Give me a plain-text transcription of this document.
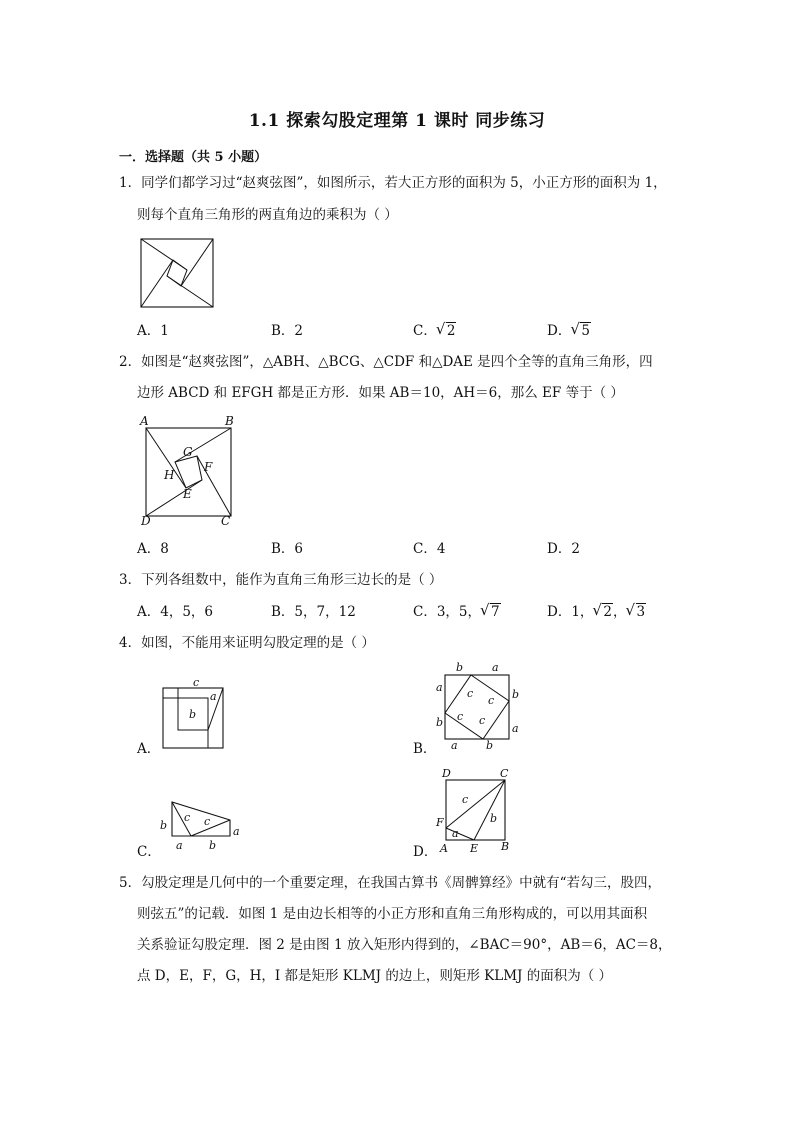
1.1 探索勾股定理第 1 课时 同步练习
一．选择题（共 5 小题）
1．同学们都学习过“赵爽弦图”，如图所示，若大正方形的面积为 5，小正方形的面积为 1，
则每个直角三角形的两直角边的乘积为（ ）
A．1	B．2	C． √ 2	D． √ 5
2．如图是“赵爽弦图”，△ABH、△BCG、△CDF 和△DAE 是四个全等的直角三角形，四
边形 ABCD 和 EFGH 都是正方形．如果 AB＝10，AH＝6，那么 EF 等于（ ）
A	B
C
D
G
H
F
E
A．8	B．6	C．4	D．2
3．下列各组数中，能作为直角三角形三边长的是（ ）
A．4，5，6	B．5，7，12	C．3，5， √ 7	D．1， √ 2， √ 3
4．如图，不能用来证明勾股定理的是（ ）
c
a
b
A．
b	a
a
b
b	a
a	b
c
c
c c
B．
b
c c
a
a b
C．
D	C
F
A E B
c
b
a
D．
5．勾股定理是几何中的一个重要定理，在我国古算书《周髀算经》中就有“若勾三，股四，
则弦五”的记载．如图 1 是由边长相等的小正方形和直角三角形构成的，可以用其面积
关系验证勾股定理．图 2 是由图 1 放入矩形内得到的，∠BAC＝90°，AB＝6，AC＝8，
点 D，E，F，G，H，I 都是矩形 KLMJ 的边上，则矩形 KLMJ 的面积为（ ）
